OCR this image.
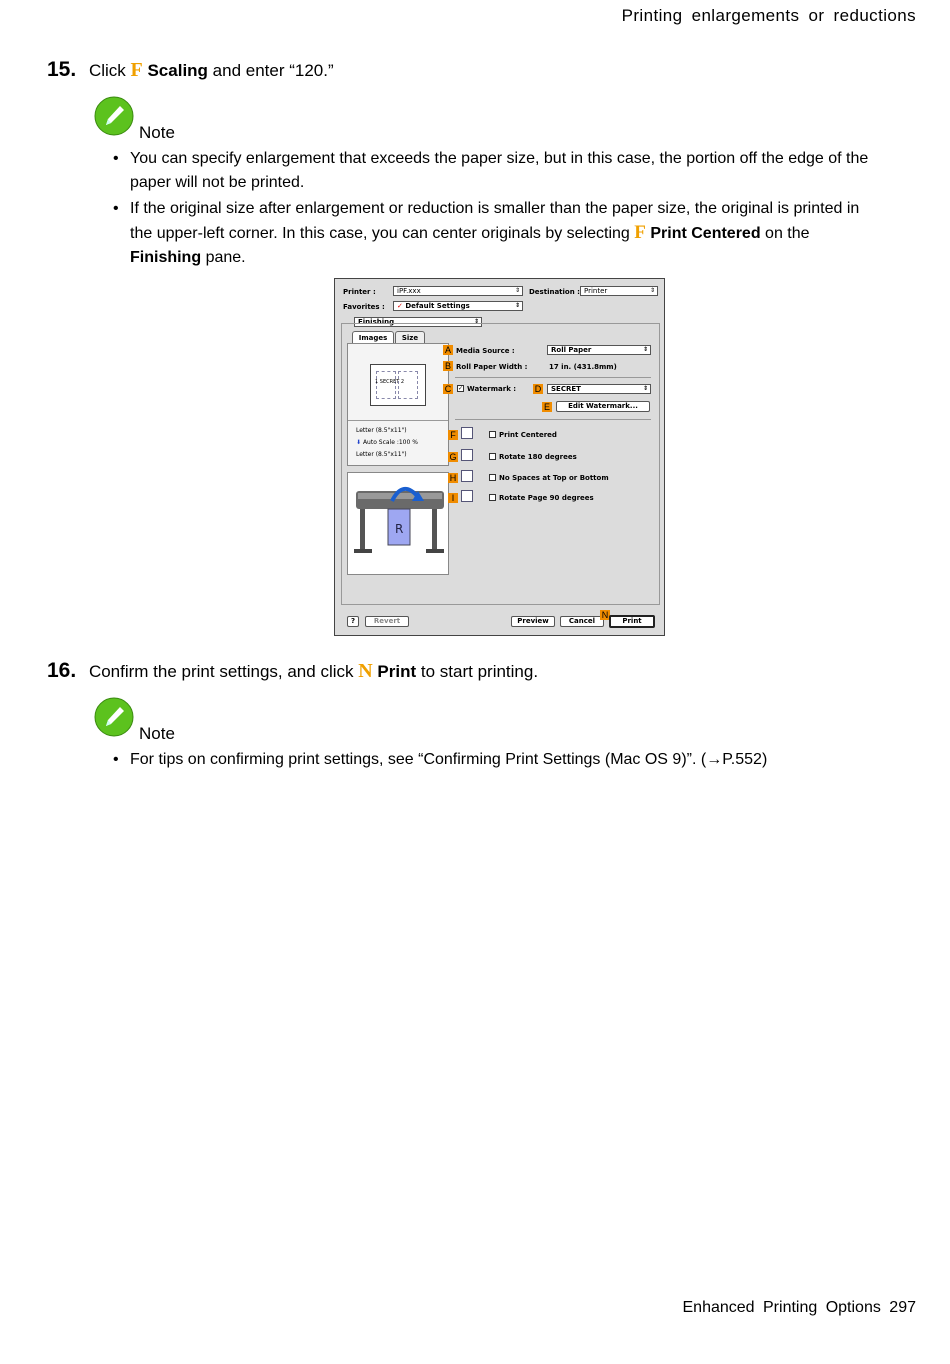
Printing enlargements or reductions
15. Click F Scaling and enter “120.”
Note
• You can specify enlargement that exceeds the paper size, but in this case, the portion off the edge of the paper will not be printed.
• If the original size after enlargement or reduction is smaller than the paper size, the original is printed in the upper-left corner. In this case, you can center originals by selecting F Print Centered on the Finishing pane.
Printer :	iPF.xxx	⇕ Destination : Printer	⇕
Favorites :	✓ Default Settings	⇕
Finishing	⇕
Images	Size
1 SECRET 2
Letter (8.5"x11")
⬇ Auto Scale :100 %
Letter (8.5"x11")
R
A Media Source :	Roll Paper	⇕
B Roll Paper Width :	17 in. (431.8mm)
C ✓ Watermark : D	SECRET	⇕
E	Edit Watermark...
F	Print Centered
G	Rotate 180 degrees
H	No Spaces at Top or Bottom
I	Rotate Page 90 degrees
?	Revert	Preview	Cancel
N
Print
16. Confirm the print settings, and click N Print to start printing.
Note
• For tips on confirming print settings, see “Confirming Print Settings (Mac OS 9)”. (→P.552)
Enhanced Printing Options 297
